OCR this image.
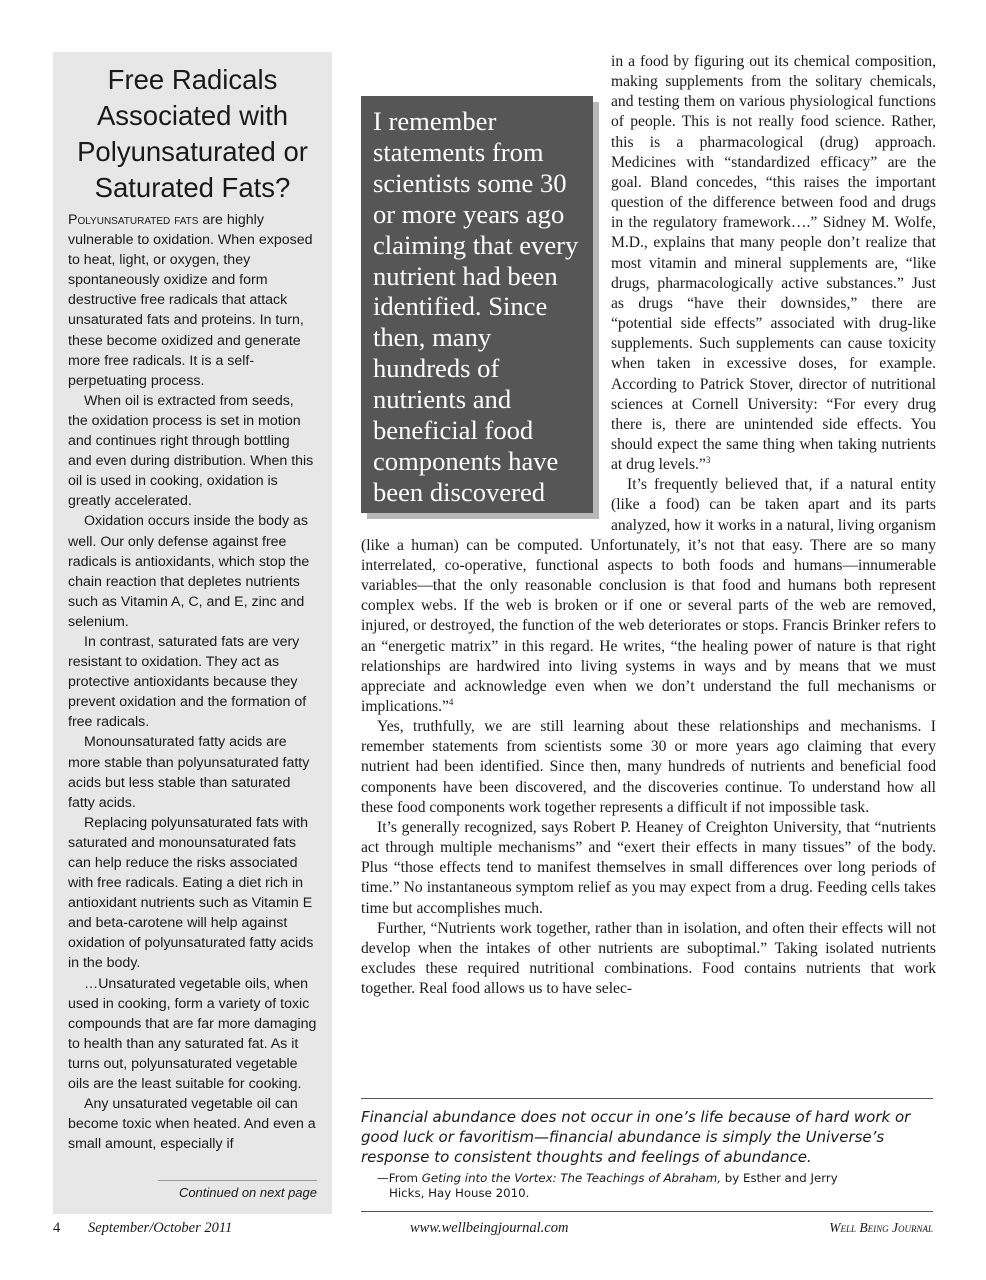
Free Radicals Associated with Polyunsaturated or Saturated Fats?

Polyunsaturated fats are highly vulnerable to oxidation. When exposed to heat, light, or oxygen, they spontaneously oxidize and form destructive free radicals that attack unsaturated fats and proteins. In turn, these become oxidized and generate more free radicals. It is a self-perpetuating process.

When oil is extracted from seeds, the oxidation process is set in motion and continues right through bottling and even during distribution. When this oil is used in cooking, oxidation is greatly accelerated.

Oxidation occurs inside the body as well. Our only defense against free radicals is antioxidants, which stop the chain reaction that depletes nutrients such as Vitamin A, C, and E, zinc and selenium.

In contrast, saturated fats are very resistant to oxidation. They act as protective antioxidants because they prevent oxidation and the formation of free radicals.

Monounsaturated fatty acids are more stable than polyunsaturated fatty acids but less stable than saturated fatty acids.

Replacing polyunsaturated fats with saturated and monounsaturated fats can help reduce the risks associated with free radicals. Eating a diet rich in antioxidant nutrients such as Vitamin E and beta-carotene will help against oxidation of polyunsaturated fatty acids in the body.

…Unsaturated vegetable oils, when used in cooking, form a variety of toxic compounds that are far more damaging to health than any saturated fat. As it turns out, polyunsaturated vegetable oils are the least suitable for cooking.

Any unsaturated vegetable oil can become toxic when heated. And even a small amount, especially if

Continued on next page
I remember statements from scientists some 30 or more years ago claiming that every nutrient had been identified. Since then, many hundreds of nutrients and beneficial food components have been discovered

in a food by figuring out its chemical composition, making supplements from the solitary chemicals, and testing them on various physiological functions of people. This is not really food science. Rather, this is a pharmacological (drug) approach. Medicines with “standardized efficacy” are the goal. Bland concedes, “this raises the important question of the difference between food and drugs in the regulatory framework….” Sidney M. Wolfe, M.D., explains that many people don’t realize that most vitamin and mineral supplements are, “like drugs, pharmacologically active substances.” Just as drugs “have their downsides,” there are “potential side effects” associated with drug-like supplements. Such supplements can cause toxicity when taken in excessive doses, for example. According to Patrick Stover, director of nutritional sciences at Cornell University: “For every drug there is, there are unintended side effects. You should expect the same thing when taking nutrients at drug levels.”$^3$

It’s frequently believed that, if a natural entity (like a food) can be taken apart and its parts analyzed, how it works in a natural, living organism (like a human) can be computed. Unfortunately, it’s not that easy. There are so many interrelated, co-operative, functional aspects to both foods and humans—innumerable variables—that the only reasonable conclusion is that food and humans both represent complex webs. If the web is broken or if one or several parts of the web are removed, injured, or destroyed, the function of the web deteriorates or stops. Francis Brinker refers to an “energetic matrix” in this regard. He writes, “the healing power of nature is that right relationships are hardwired into living systems in ways and by means that we must appreciate and acknowledge even when we don’t understand the full mechanisms or implications.”$^4$

Yes, truthfully, we are still learning about these relationships and mechanisms. I remember statements from scientists some 30 or more years ago claiming that every nutrient had been identified. Since then, many hundreds of nutrients and beneficial food components have been discovered, and the discoveries continue. To understand how all these food components work together represents a difficult if not impossible task.

It’s generally recognized, says Robert P. Heaney of Creighton University, that “nutrients act through multiple mechanisms” and “exert their effects in many tissues” of the body. Plus “those effects tend to manifest themselves in small differences over long periods of time.” No instantaneous symptom relief as you may expect from a drug. Feeding cells takes time but accomplishes much.

Further, “Nutrients work together, rather than in isolation, and often their effects will not develop when the intakes of other nutrients are suboptimal.” Taking isolated nutrients excludes these required nutritional combinations. Food contains nutrients that work together. Real food allows us to have selec-

Financial abundance does not occur in one’s life because of hard work or good luck or favoritism—financial abundance is simply the Universe’s response to consistent thoughts and feelings of abundance.
—From Geting into the Vortex: The Teachings of Abraham, by Esther and Jerry
Hicks, Hay House 2010.
4 September/October 2011	www.wellbeingjournal.com	Well Being Journal
